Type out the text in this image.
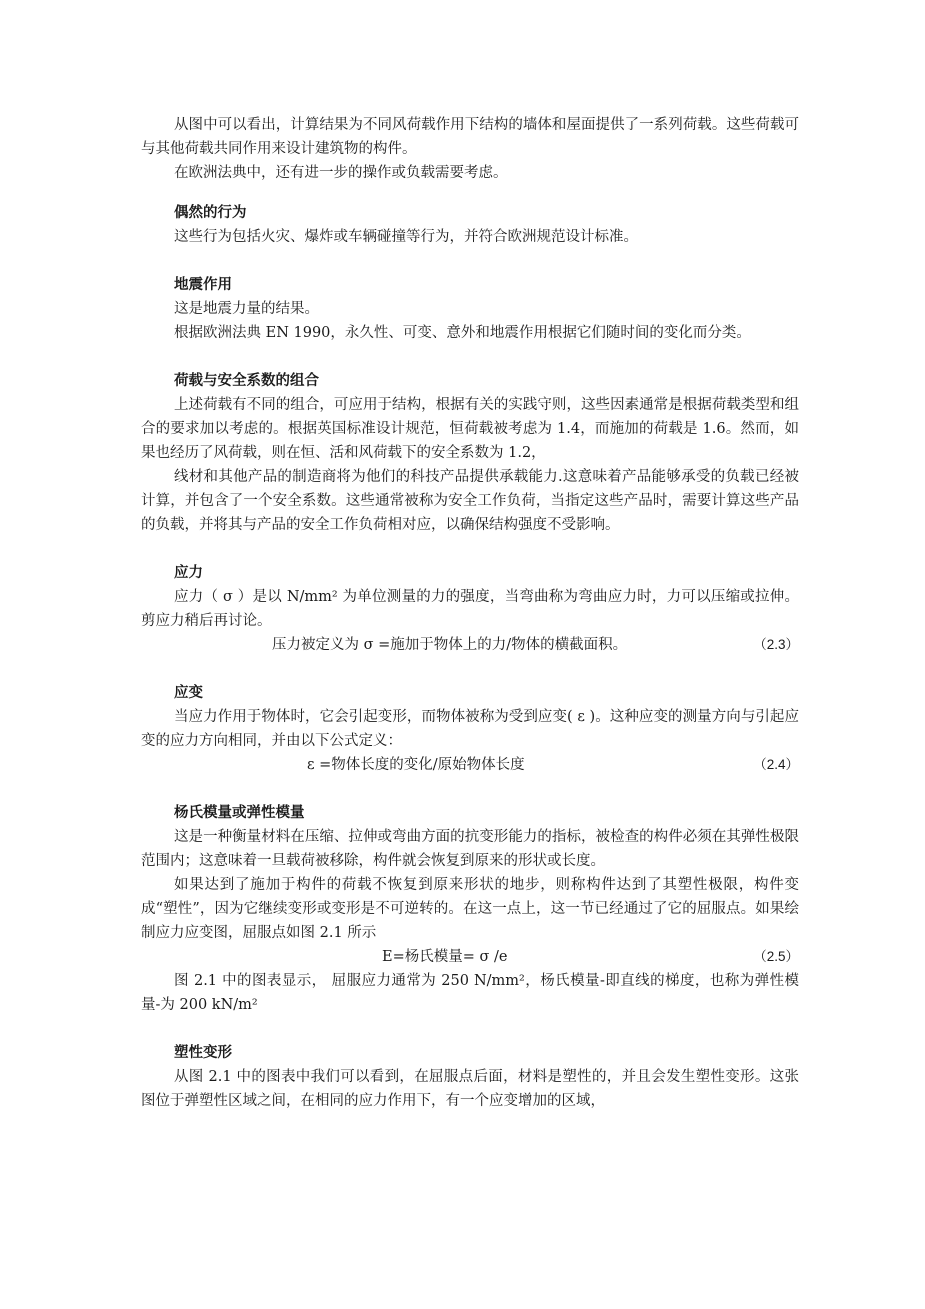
从图中可以看出，计算结果为不同风荷载作用下结构的墙体和屋面提供了一系列荷载。这些荷载可与其他荷载共同作用来设计建筑物的构件。

在欧洲法典中，还有进一步的操作或负载需要考虑。

偶然的行为

这些行为包括火灾、爆炸或车辆碰撞等行为，并符合欧洲规范设计标准。

地震作用

这是地震力量的结果。

根据欧洲法典 EN 1990，永久性、可变、意外和地震作用根据它们随时间的变化而分类。

荷载与安全系数的组合

上述荷载有不同的组合，可应用于结构，根据有关的实践守则，这些因素通常是根据荷载类型和组合的要求加以考虑的。根据英国标准设计规范，恒荷载被考虑为 1.4，而施加的荷载是 1.6。然而，如果也经历了风荷载，则在恒、活和风荷载下的安全系数为 1.2，

线材和其他产品的制造商将为他们的科技产品提供承载能力.这意味着产品能够承受的负载已经被计算，并包含了一个安全系数。这些通常被称为安全工作负荷，当指定这些产品时，需要计算这些产品的负载，并将其与产品的安全工作负荷相对应，以确保结构强度不受影响。

应力

应力（ σ ）是以 N/mm² 为单位测量的力的强度，当弯曲称为弯曲应力时，力可以压缩或拉伸。剪应力稍后再讨论。

压力被定义为 σ =施加于物体上的力/物体的横截面积。	（2.3）

应变

当应力作用于物体时，它会引起变形，而物体被称为受到应变( ε )。这种应变的测量方向与引起应变的应力方向相同，并由以下公式定义：

ε =物体长度的变化/原始物体长度	（2.4）

杨氏模量或弹性模量

这是一种衡量材料在压缩、拉伸或弯曲方面的抗变形能力的指标，被检查的构件必须在其弹性极限范围内；这意味着一旦载荷被移除，构件就会恢复到原来的形状或长度。

如果达到了施加于构件的荷载不恢复到原来形状的地步，则称构件达到了其塑性极限，构件变成“塑性”，因为它继续变形或变形是不可逆转的。在这一点上，这一节已经通过了它的屈服点。如果绘制应力应变图，屈服点如图 2.1 所示

E=杨氏模量= σ /e	（2.5）

图 2.1 中的图表显示， 屈服应力通常为 250 N/mm²，杨氏模量-即直线的梯度，也称为弹性模量-为 200 kN/m²

塑性变形

从图 2.1 中的图表中我们可以看到，在屈服点后面，材料是塑性的，并且会发生塑性变形。这张图位于弹塑性区域之间，在相同的应力作用下，有一个应变增加的区域，
